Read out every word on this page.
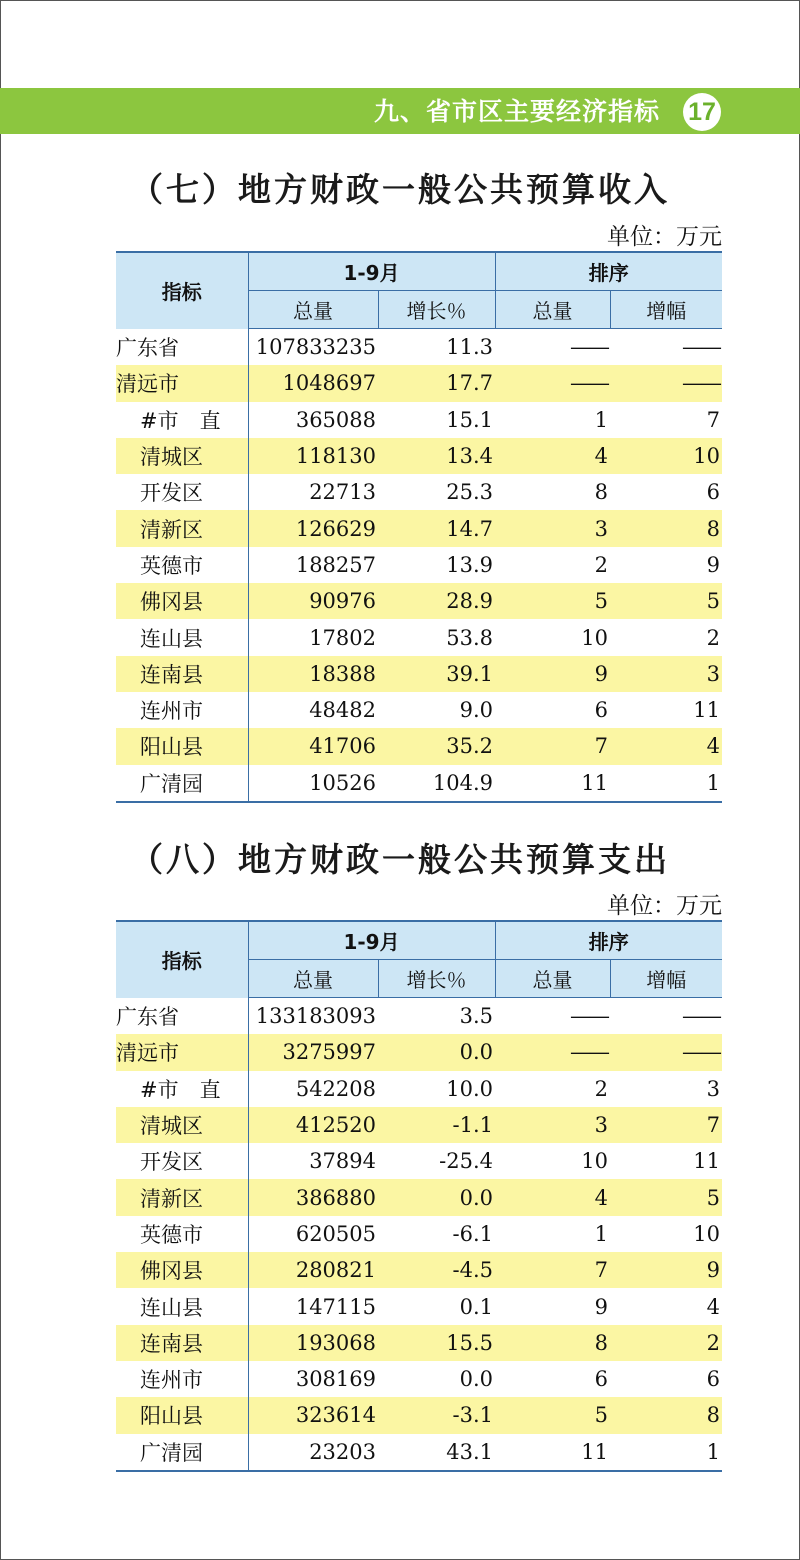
九、省市区主要经济指标 17
（七）地方财政一般公共预算收入
单位：万元
指标	1-9月		排序	
	总量	增长％	总量	增幅
广东省	107833235	11.3	——	——
清远市	1048697	17.7	——	——
#市　直	365088	15.1	1	7
清城区	118130	13.4	4	10
开发区	22713	25.3	8	6
清新区	126629	14.7	3	8
英德市	188257	13.9	2	9
佛冈县	90976	28.9	5	5
连山县	17802	53.8	10	2
连南县	18388	39.1	9	3
连州市	48482	9.0	6	11
阳山县	41706	35.2	7	4
广清园	10526	104.9	11	1
（八）地方财政一般公共预算支出
单位：万元
指标	1-9月		排序	
	总量	增长％	总量	增幅
广东省	133183093	3.5	——	——
清远市	3275997	0.0	——	——
#市　直	542208	10.0	2	3
清城区	412520	-1.1	3	7
开发区	37894	-25.4	10	11
清新区	386880	0.0	4	5
英德市	620505	-6.1	1	10
佛冈县	280821	-4.5	7	9
连山县	147115	0.1	9	4
连南县	193068	15.5	8	2
连州市	308169	0.0	6	6
阳山县	323614	-3.1	5	8
广清园	23203	43.1	11	1
